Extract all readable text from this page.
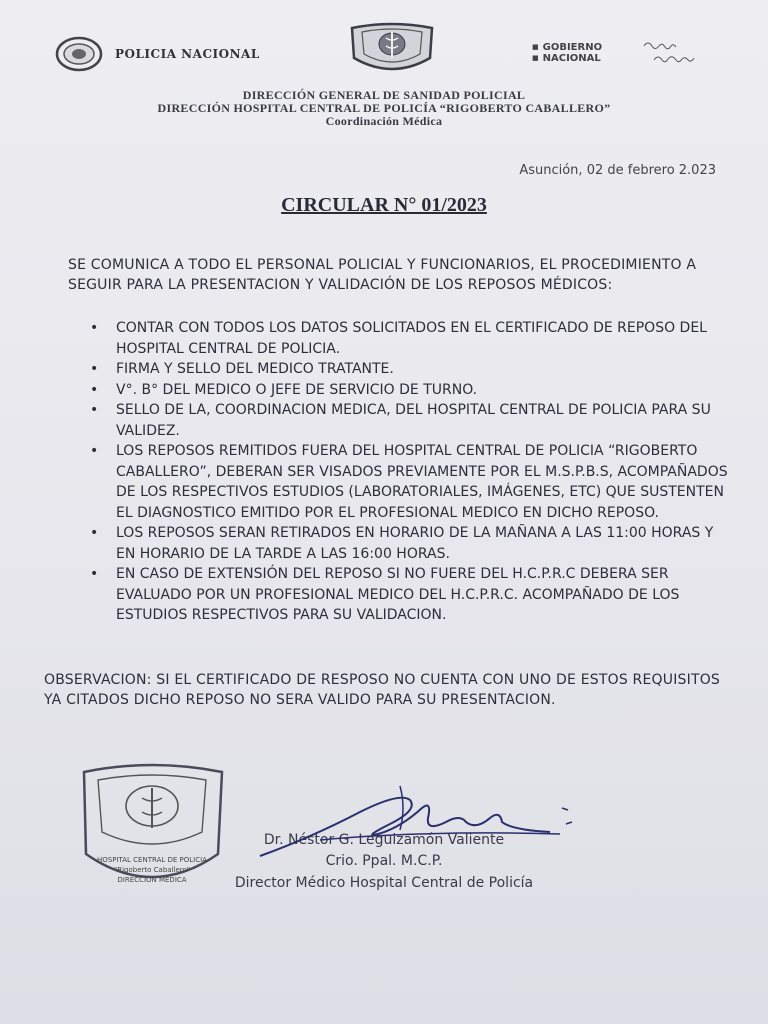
POLICIA NACIONAL
■	GOBIERNO
■ NACIONAL
DIRECCIÓN GENERAL DE SANIDAD POLICIAL
DIRECCIÓN HOSPITAL CENTRAL DE POLICÍA “RIGOBERTO CABALLERO”
Coordinación Médica
Asunción, 02 de febrero 2.023
CIRCULAR N° 01/2023
SE COMUNICA A TODO EL PERSONAL POLICIAL Y FUNCIONARIOS, EL PROCEDIMIENTO A SEGUIR PARA LA PRESENTACION Y VALIDACIÓN DE LOS REPOSOS MÉDICOS:
• CONTAR CON TODOS LOS DATOS SOLICITADOS EN EL CERTIFICADO DE REPOSO DEL HOSPITAL CENTRAL DE POLICIA.
• FIRMA Y SELLO DEL MEDICO TRATANTE.
• V°. B° DEL MEDICO O JEFE DE SERVICIO DE TURNO.
• SELLO DE LA, COORDINACION MEDICA, DEL HOSPITAL CENTRAL DE POLICIA PARA SU VALIDEZ.
• LOS REPOSOS REMITIDOS FUERA DEL HOSPITAL CENTRAL DE POLICIA “RIGOBERTO CABALLERO”, DEBERAN SER VISADOS PREVIAMENTE POR EL M.S.P.B.S, ACOMPAÑADOS DE LOS RESPECTIVOS ESTUDIOS (LABORATORIALES, IMÁGENES, ETC) QUE SUSTENTEN EL DIAGNOSTICO EMITIDO POR EL PROFESIONAL MEDICO EN DICHO REPOSO.
• LOS REPOSOS SERAN RETIRADOS EN HORARIO DE LA MAÑANA A LAS 11:00 HORAS Y EN HORARIO DE LA TARDE A LAS 16:00 HORAS.
• EN CASO DE EXTENSIÓN DEL REPOSO SI NO FUERE DEL H.C.P.R.C DEBERA SER EVALUADO POR UN PROFESIONAL MEDICO DEL H.C.P.R.C. ACOMPAÑADO DE LOS ESTUDIOS RESPECTIVOS PARA SU VALIDACION.
OBSERVACION: SI EL CERTIFICADO DE RESPOSO NO CUENTA CON UNO DE ESTOS REQUISITOS YA CITADOS DICHO REPOSO NO SERA VALIDO PARA SU PRESENTACION.
HOSPITAL CENTRAL DE POLICIA
"Rigoberto Caballero"
DIRECCION MEDICA
Dr. Néstor G. Leguizamón Valiente
Crio. Ppal. M.C.P.
Director Médico Hospital Central de Policía
